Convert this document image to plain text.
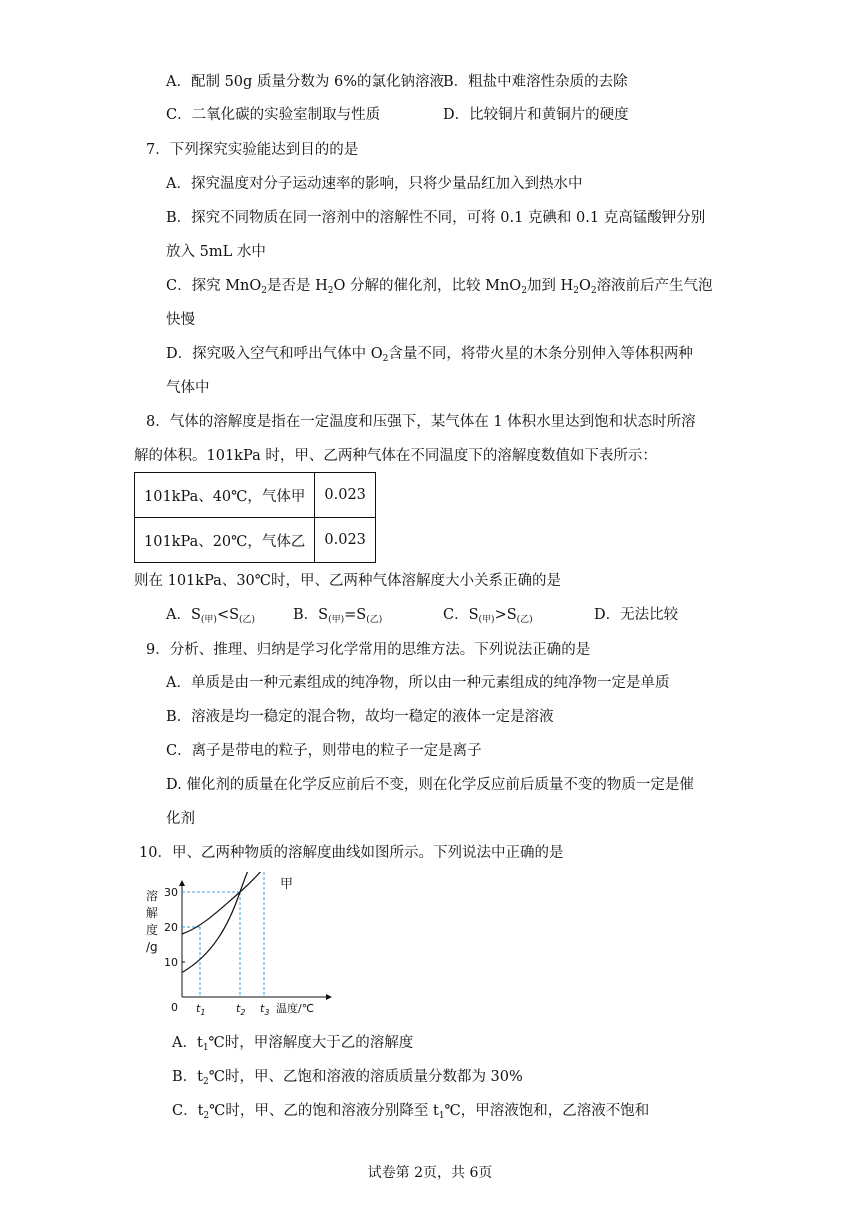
A．配制 50g 质量分数为 6%的氯化钠溶液
B．粗盐中难溶性杂质的去除
C．二氧化碳的实验室制取与性质	D．比较铜片和黄铜片的硬度
7．下列探究实验能达到目的的是
A．探究温度对分子运动速率的影响，只将少量品红加入到热水中
B．探究不同物质在同一溶剂中的溶解性不同，可将 0.1 克碘和 0.1 克高锰酸钾分别
放入 5mL 水中
C．探究 MnO$_2$是否是 $H_2O$ 分解的催化剂，比较 MnO$_2$加到 $H_2O_2$溶液前后产生气泡
快慢
D．探究吸入空气和呼出气体中 $O_2$含量不同，将带火星的木条分别伸入等体积两种
气体中
8．气体的溶解度是指在一定温度和压强下，某气体在 1 体积水里达到饱和状态时所溶
解的体积。101kPa 时，甲、乙两种气体在不同温度下的溶解度数值如下表所示：
101kPa、40℃，气体甲	0.023
101kPa、20℃，气体乙	0.023
则在 101kPa、30℃时，甲、乙两种气体溶解度大小关系正确的是
A．$S_{(甲)}<S_{(乙)}$	B．$S_{(甲)}=S_{(乙)}$	C．$S_{(甲)}>S_{(乙)}$	D．无法比较
9．分析、推理、归纳是学习化学常用的思维方法。下列说法正确的是
A．单质是由一种元素组成的纯净物，所以由一种元素组成的纯净物一定是单质
B．溶液是均一稳定的混合物，故均一稳定的液体一定是溶液
C．离子是带电的粒子，则带电的粒子一定是离子
D. 催化剂的质量在化学反应前后不变，则在化学反应前后质量不变的物质一定是催
化剂
10．甲、乙两种物质的溶解度曲线如图所示。下列说法中正确的是
溶
解
度
/g
10
20
30
0 $t_1$	$t_2$ $t_3$ 温度/℃
甲
A．$t_1℃$时，甲溶解度大于乙的溶解度
B．$t_2℃$时，甲、乙饱和溶液的溶质质量分数都为 30%
C．$t_2℃$时，甲、乙的饱和溶液分别降至 $t_1℃$，甲溶液饱和，乙溶液不饱和
试卷第 2页，共 6页
